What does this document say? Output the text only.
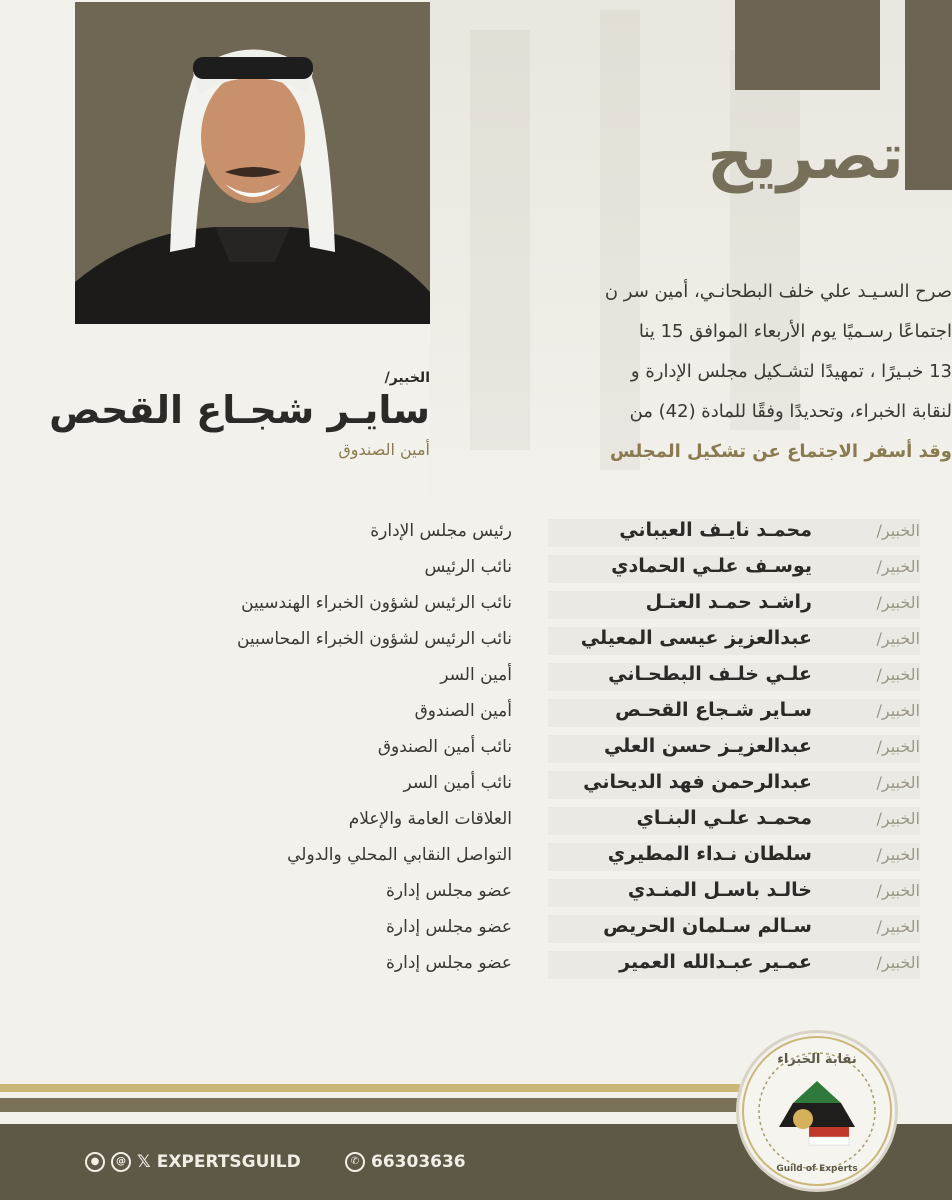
تصريح
صرح السـيـد علي خلف البطحانـي، أمين سر ن
اجتماعًا رسـميًا يوم الأربعاء الموافق 15 ينا
13 خبـيرًا ، تمهيدًا لتشـكيل مجلس الإدارة و
لنقابة الخبراء، وتحديدًا وفقًا للمادة (42) من
وقد أسفر الاجتماع عن تشكيل المجلس
الخبير/
سايـر شجـاع القحص
أمين الصندوق
الخبير/
محمـد نايـف العيباني
رئيس مجلس الإدارة
الخبير/
يوسـف علـي الحمادي
نائب الرئيس
الخبير/
راشـد حمـد العتـل
نائب الرئيس لشؤون الخبراء الهندسيين
الخبير/
عبدالعزيز عيسى المعيلي
نائب الرئيس لشؤون الخبراء المحاسبين
الخبير/
علـي خلـف البطحـاني
أمين السر
الخبير/
سـاير شـجاع القحـص
أمين الصندوق
الخبير/
عبدالعزيـز حسن العلي
نائب أمين الصندوق
الخبير/
عبدالرحمن فهد الديحاني
نائب أمين السر
الخبير/
محمـد علـي البنـاي
العلاقات العامة والإعلام
الخبير/
سلطان نـداء المطيري
التواصل النقابي المحلي والدولي
الخبير/
خالـد باسـل المنـدي
عضو مجلس إدارة
الخبير/
سـالم سـلمان الحريص
عضو مجلس إدارة
الخبير/
عمـير عبـدالله العمير
عضو مجلس إدارة
●	@ 𝕏 EXPERTSGUILD	✆ 66303636
نقابة الخبراء
Guild of Experts
